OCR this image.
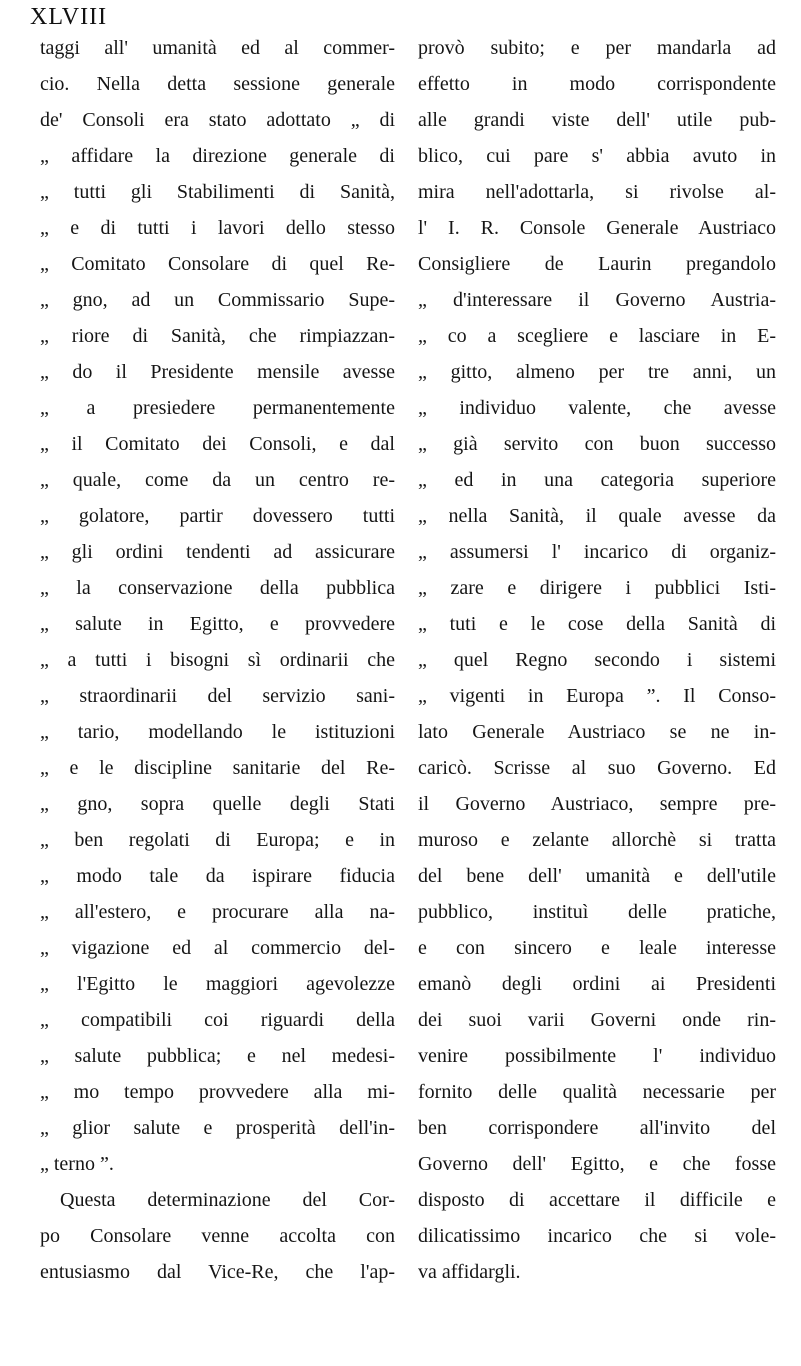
XLVIII
taggi all' umanità ed al commer-
cio. Nella detta sessione generale
de' Consoli era stato adottato „ di
„ affidare la direzione generale di
„ tutti gli Stabilimenti di Sanità,
„ e di tutti i lavori dello stesso
„ Comitato Consolare di quel Re-
„ gno, ad un Commissario Supe-
„ riore di Sanità, che rimpiazzan-
„ do il Presidente mensile avesse
„ a presiedere permanentemente
„ il Comitato dei Consoli, e dal
„ quale, come da un centro re-
„ golatore, partir dovessero tutti
„ gli ordini tendenti ad assicurare
„ la conservazione della pubblica
„ salute in Egitto, e provvedere
„ a tutti i bisogni sì ordinarii che
„ straordinarii del servizio sani-
„ tario, modellando le istituzioni
„ e le discipline sanitarie del Re-
„ gno, sopra quelle degli Stati
„ ben regolati di Europa; e in
„ modo tale da ispirare fiducia
„ all'estero, e procurare alla na-
„ vigazione ed al commercio del-
„ l'Egitto le maggiori agevolezze
„ compatibili coi riguardi della
„ salute pubblica; e nel medesi-
„ mo tempo provvedere alla mi-
„ glior salute e prosperità dell'in-
„ terno ”.
Questa determinazione del Cor-
po Consolare venne accolta con
entusiasmo dal Vice-Re, che l'ap-
provò subito; e per mandarla ad
effetto in modo corrispondente
alle grandi viste dell' utile pub-
blico, cui pare s' abbia avuto in
mira nell'adottarla, si rivolse al-
l' I. R. Console Generale Austriaco
Consigliere de Laurin pregandolo
„ d'interessare il Governo Austria-
„ co a scegliere e lasciare in E-
„ gitto, almeno per tre anni, un
„ individuo valente, che avesse
„ già servito con buon successo
„ ed in una categoria superiore
„ nella Sanità, il quale avesse da
„ assumersi l' incarico di organiz-
„ zare e dirigere i pubblici Isti-
„ tuti e le cose della Sanità di
„ quel Regno secondo i sistemi
„ vigenti in Europa ”. Il Conso-
lato Generale Austriaco se ne in-
caricò. Scrisse al suo Governo. Ed
il Governo Austriaco, sempre pre-
muroso e zelante allorchè si tratta
del bene dell' umanità e dell'utile
pubblico, instituì delle pratiche,
e con sincero e leale interesse
emanò degli ordini ai Presidenti
dei suoi varii Governi onde rin-
venire possibilmente l' individuo
fornito delle qualità necessarie per
ben corrispondere all'invito del
Governo dell' Egitto, e che fosse
disposto di accettare il difficile e
dilicatissimo incarico che si vole-
va affidargli.
